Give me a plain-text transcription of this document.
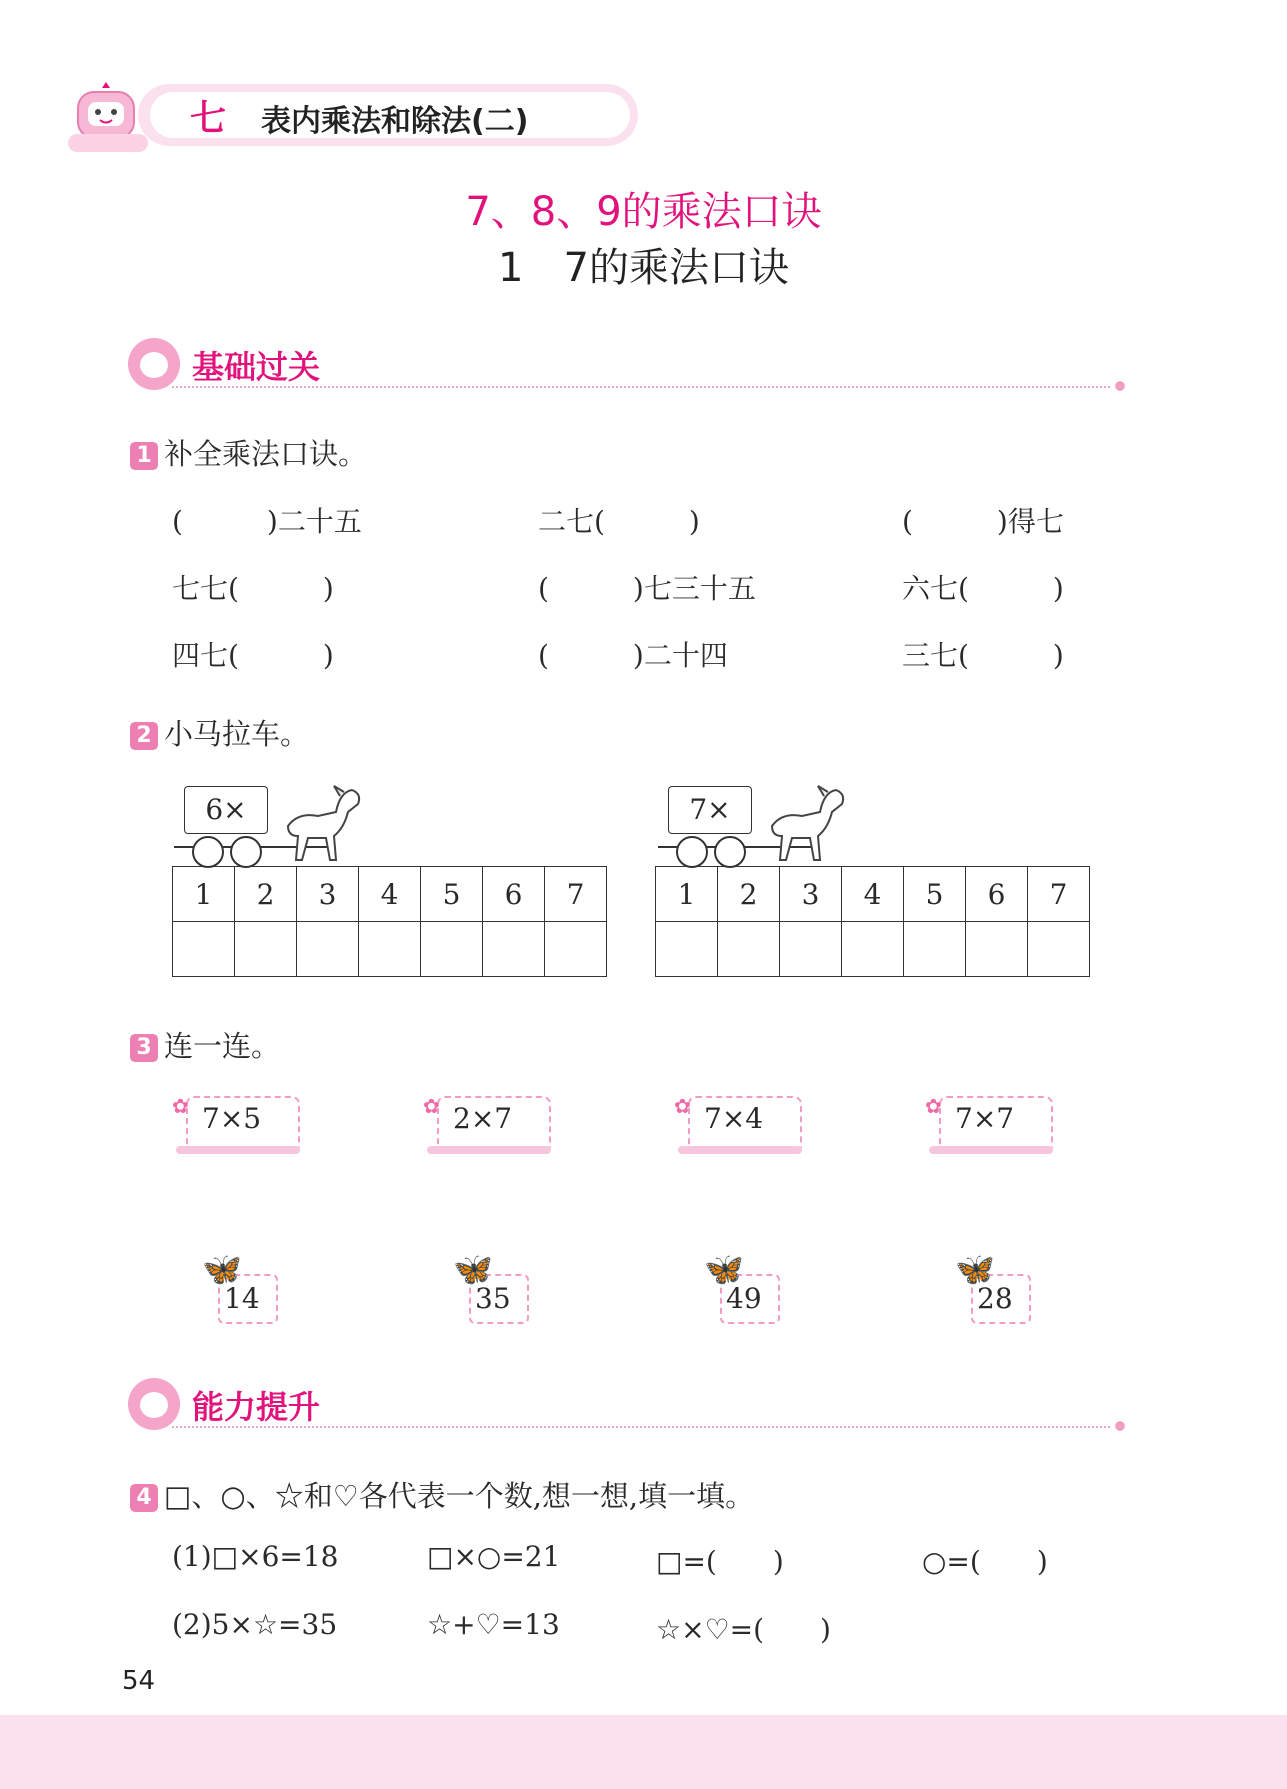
七 表内乘法和除法(二)
7、8、9的乘法口诀
1　7的乘法口诀
基础过关
1 补全乘法口诀。
(　　　)二十五	二七(　　　)	(　　　)得七
七七(　　　)	(　　　)七三十五	六七(　　　)
四七(　　　)	(　　　)二十四	三七(　　　)
2 小马拉车。
6×
1	2	3	4	5	6	7

7×
1	2	3	4	5	6	7

3 连一连。
✿ 7×5	✿ 2×7	✿ 7×4	✿ 7×7
🦋
14
🦋
35
🦋
49
🦋
28
能力提升
4 □、○、☆和♡各代表一个数,想一想,填一填。
(1)□×6=18	□×○=21	□=(　　)	○=(　　)
(2)5×☆=35	☆+♡=13	☆×♡=(　　)
54
